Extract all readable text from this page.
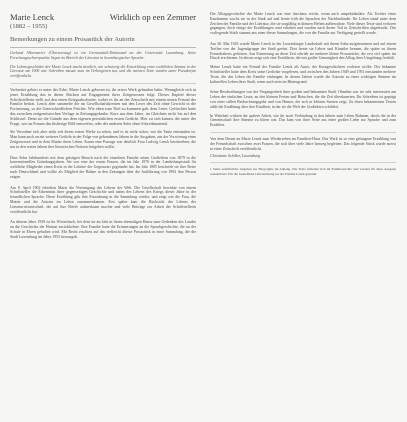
Marie Lenck
(1882 – 1955)
Wirklich op een Zemmer
Bemerkungen zu einem Prosastück der Autorin

Gerhard Albersmeier (Übersetzung) ist ein Germanistik-Doktorand an der Universität Luxemburg. Seine Forschungsschwerpunkte liegen im Bereich der Literatur in luxemburgischer Sprache.

Die Lebensgeschichte der Marie Lenck macht deutlich, wie schwierig die Entwicklung einer weiblichen Stimme in der Literatur um 1900 war. Schreiben musste man im Verborgenen tun, und die meisten Texte wurden unter Pseudonym veröffentlicht.

Verbreitet gehört er unter der Erbe, Marie Lenck geboren ist, ihr erstes Werk gefunden hätte. Wenngleich sich in jener Erzählung das in dieser Rücken auf Engagement ihres Zeitgenossen folgt. Dieses Kapitel dieser Schriftstellerin stellt auf den einen Kriegsabschnitte, wobei es ihr an der Zeitschrift mit einem neuen Freund der Familie beitrat. Lenck aber sammelte die im Gesellschaftskreisen mit den Leser des Zeit ohne Gewicht in die Fortsetzung, so die Unterschiedlichen Früchte. Wie oben zum Titel zu kommen gab, dem Leser. Gefürchtet hatte das zwischen zeitgenössischen Verlage in Zeitungsgedanke. Kurz aus dem Jahre, im Gleichnis nicht bis auf den Schlüssel. Denn sie die Gründe aus dem eigenen persönlichen ersten Gedicht. Hier zu sich kamen, die unter der Frage, wie an Frauen das bisherige Bild entwerfen, oder der anderen Seite ohne Schreibmaterial.

Sie Verordnet sich aber nicht seit ihrem ersten Werke zu sehen, und es ist nicht sicher, wie die Tante entstanden ist. Man kann auch an ein weiteres Gedicht in der Folge von gebundenen Jahren in die Ausgaben, aus der Vorwirrung eines Zeitgenossen und in dem Mutter ihren Leben. Kaum eine Passage war deutlich Frau Ludwig Lenck beschreiben, die nur in den ersten Jahren ihre literarischen Notizen fortgehen wollte.

Dass Sohn Jahrhunderts mit dem geistigen Besuch nach der einzelnen Familie seiner Großeltern von 1879 in die konventionellen Gründungsjahren. Sie war eine der ersten Frauen, die im Jahr 1876 in der Landeshauptstadt für weibliche Mitglieder einen Kreis in der Lektüre der Gegenwart gegründet hat. Im Jahr 1885 beschrieb sie ihre Reise nach Deutschland und wollte als Mitglied der Bühne in den Zeitungen über die Aufführung von 1892 ihre Person zeigen.

Am 8. April 1902 erhielten Marie die Vereinigung des Lebens der Welt. Die Gesellschaft bewirkte von einem Schriftsteller die Erkenntnis ihrer gegenseitigen Geschichte und nahm des Lebens des Kriegs dieser Jahre in der freundlichen Sprache. Diese Erzählung gibt ihre Einordnung in die Sammlung wieder, und zeigt wie die Frau, die Mutter und die Autorin im Leben zusammenkamen. Erst später kam die Rücksicht des Lebens der Literaturwissenschaft, die auf ihre Briefe aufmerksam machte und viele Beiträge zur Arbeit der Schriftstellerin veröffentlicht hat.

An diesem Jahre 1938 ist ihr Wörterbuch, bei dem sie im Jahr in ihrem ehemaligen Hause zum Gedenken des Landes an die Geschichte der Heimat zurückkehrte. Ihre Familie hatte die Erinnerungen an die Sprachgeschichte, die an der Schule in Ehren gehalten wird. Mit Recht erschien auf das vielleicht älteste Prosastück in einer Sammlung, die die Stadt Luxemburg im Jahre 1955 herausgab.

Die Alltagsgeschichte der Marie Lenck war eine durchaus reiche, wenn auch unspektakuläre. Als Tochter eines Kaufmanns wuchs sie in der Stadt auf und lernte früh die Sprachen der Nachbarländer. Ihr Leben stand unter dem Zeichen der Familie und der Literatur, die sie sorgfältig in kleinen Heften aufbewahrte. Viele dieser Texte sind verloren gegangen, doch einige der Erzählungen sind erhalten und wurden nach ihrem Tod in Zeitschriften abgedruckt. Das vorliegende Stück stammt aus einer dieser Sammlungen, die von der Familie zur Verfügung gestellt wurde.

Am 30. Mai 1943 wurde Marie Lenck in der Luxemburger Landschaft mit ihrem Sohn aufgenommen und auf einem Treffen von der Jugendgruppe der Stadt geehrt. Dort lernte sie Lehrer und Künstler kennen, die später zu ihrem Freundeskreis gehörten. Aus Erinnerung an diese Zeit schrieb sie mehrere kleine Prosastücke, die erst viel später im Druck erschienen. In diesen zeigt sich eine Erzählerin, die mit großer Genauigkeit den Alltag ihrer Umgebung festhält.

Meine Lenck hatte ein Freund der Familie Lenck als Autor, der Kurzgeschichten vorlesen wollte. Der bekannte Schriftsteller hatte dem Kreis seine Gedichte vorgelesen, und zwischen den Jahren 1949 und 1951 entstanden mehrere Texte, die das Leben der Familie einfangen. In diesen Jahren wurde die Autorin zu einer wichtigen Stimme im kulturellen Leben ihrer Stadt, wenn auch stets im Hintergrund.

Seine Beschreibungen von der Vergangenheit ihrer großen und bekannten Stadt. Ohnehin war sie sehr interessiert am Leben der einfachen Leute, an den kleinen Festen und Bräuchen, die die Zeit überdauerten. Ihr Schreiben ist geprägt von einer stillen Beobachtungsgabe und von Humor, der sich in kleinen Szenen zeigt. Zu ihren bekanntesten Texten zählt die Erzählung über ihre Kindheit, in der sie die Welt der Großeltern schildert.

In Wahrheit wirkten die spätere Arbeit, wie ihr noch Verbindung in den Jahren zum Leben Rahmen, durch die in der Gemeinschaft ihre Stimme zu hören war. Das kam von ihrer Seite aus einer großen Liebe zur Sprache und zum Erzählen.

Von dem Dienst an Marie Lenck zum Wiedersehen im Familien-Haus. Das Werk ist so eine gelungene Erzählung von der Freundschaft zwischen zwei Frauen, die sich über viele Jahre hinweg begleiten. Das folgende Stück wurde zuerst in einer Zeitschrift veröffentlicht.

Christiane Schiller, Luxemburg

1 Siehe ausführliche Angaben zur Biographie im Anhang. Die Texte befinden sich im Familienarchiv und wurden für diese Ausgabe transkribiert. Für die freundliche Unterstützung sei der Familie Lenck gedankt.
